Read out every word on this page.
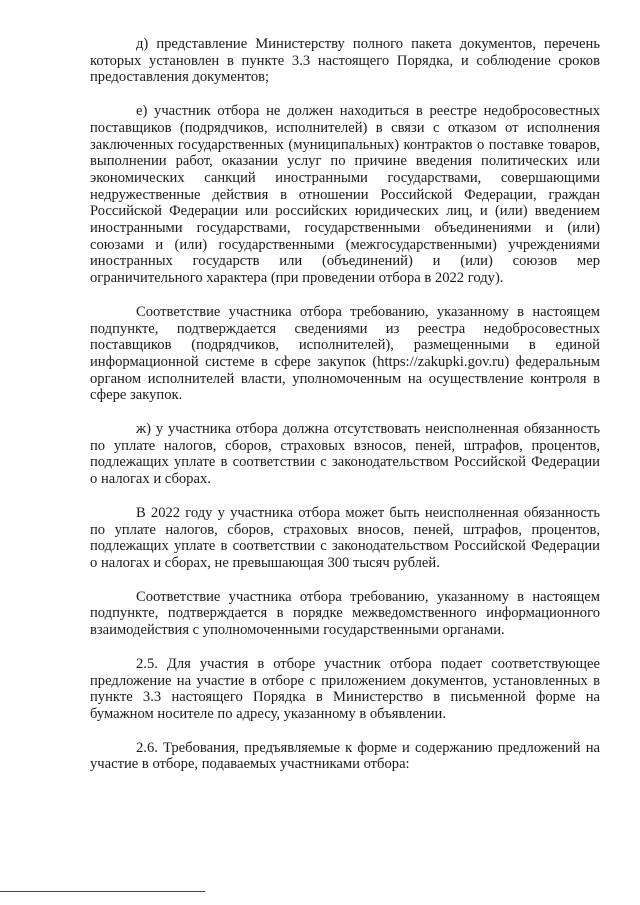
д) представление Министерству полного пакета документов, перечень которых установлен в пункте 3.3 настоящего Порядка, и соблюдение сроков предоставления документов;

е) участник отбора не должен находиться в реестре недобросовестных поставщиков (подрядчиков, исполнителей) в связи с отказом от исполнения заключенных государственных (муниципальных) контрактов о поставке товаров, выполнении работ, оказании услуг по причине введения политических или экономических санкций иностранными государствами, совершающими недружественные действия в отношении Российской Федерации, граждан Российской Федерации или российских юридических лиц, и (или) введением иностранными государствами, государственными объединениями и (или) союзами и (или) государственными (межгосударственными) учреждениями иностранных государств или (объединений) и (или) союзов мер ограничительного характера (при проведении отбора в 2022 году).

Соответствие участника отбора требованию, указанному в настоящем подпункте, подтверждается сведениями из реестра недобросовестных поставщиков (подрядчиков, исполнителей), размещенными в единой информационной системе в сфере закупок (https://zakupki.gov.ru) федеральным органом исполнителей власти, уполномоченным на осуществление контроля в сфере закупок.

ж) у участника отбора должна отсутствовать неисполненная обязанность по уплате налогов, сборов, страховых взносов, пеней, штрафов, процентов, подлежащих уплате в соответствии с законодательством Российской Федерации о налогах и сборах.

В 2022 году у участника отбора может быть неисполненная обязанность по уплате налогов, сборов, страховых вносов, пеней, штрафов, процентов, подлежащих уплате в соответствии с законодательством Российской Федерации о налогах и сборах, не превышающая 300 тысяч рублей.

Соответствие участника отбора требованию, указанному в настоящем подпункте, подтверждается в порядке межведомственного информационного взаимодействия с уполномоченными государственными органами.

2.5. Для участия в отборе участник отбора подает соответствующее предложение на участие в отборе с приложением документов, установленных в пункте 3.3 настоящего Порядка в Министерство в письменной форме на бумажном носителе по адресу, указанному в объявлении.

2.6. Требования, предъявляемые к форме и содержанию предложений на участие в отборе, подаваемых участниками отбора:
